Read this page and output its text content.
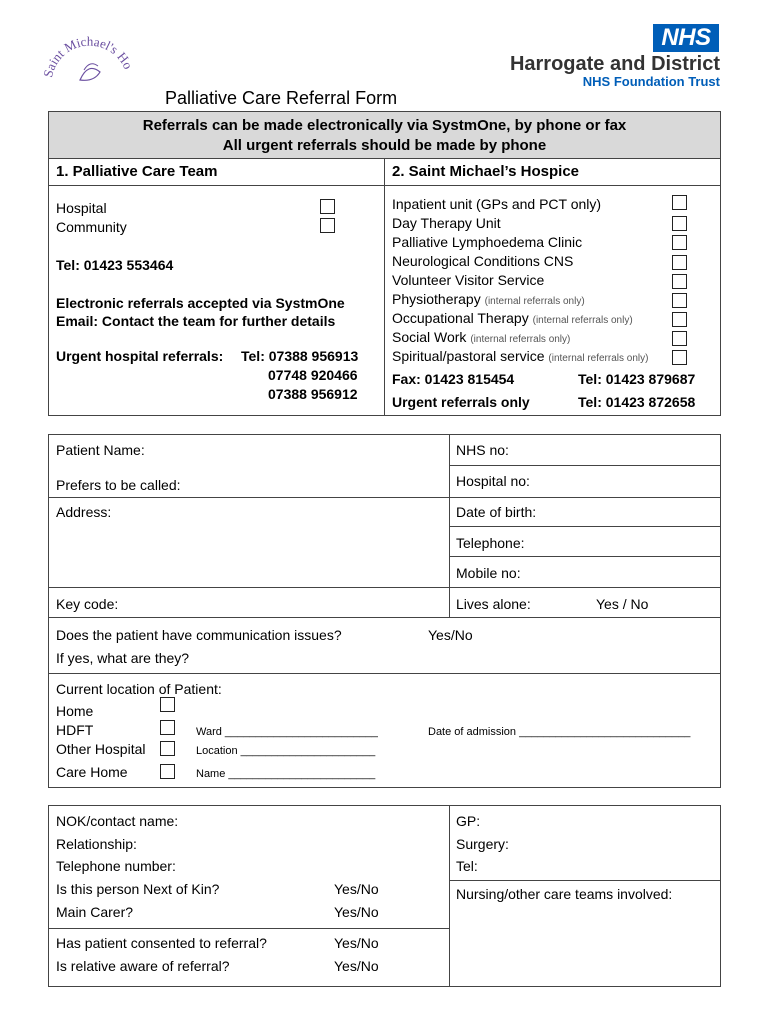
Saint Michael's Ho
NHS
Harrogate and District
NHS Foundation Trust
Palliative Care Referral Form
Referrals can be made electronically via SystmOne, by phone or fax
All urgent referrals should be made by phone
1. Palliative Care Team
Hospital
Community
Tel: 01423 553464
Electronic referrals accepted via SystmOne
Email: Contact the team for further details
Urgent hospital referrals: Tel: 07388 956913
07748 920466
07388 956912
2. Saint Michael’s Hospice
Inpatient unit (GPs and PCT only)
Day Therapy Unit
Palliative Lymphoedema Clinic
Neurological Conditions CNS
Volunteer Visitor Service
Physiotherapy (internal referrals only)
Occupational Therapy (internal referrals only)
Social Work (internal referrals only)
Spiritual/pastoral service (internal referrals only)
Fax: 01423 815454	Tel: 01423 879687
Urgent referrals only	Tel: 01423 872658
Patient Name:
Prefers to be called:
Address:
Key code:
NHS no:
Hospital no:
Date of birth:
Telephone:
Mobile no:
Lives alone:	Yes / No
Does the patient have communication issues?	Yes/No
If yes, what are they?
Current location of Patient:
Home
HDFT	Ward _________________________	Date of admission ____________________________
Other Hospital	Location ______________________
Care Home	Name ________________________
NOK/contact name:
Relationship:
Telephone number:
Is this person Next of Kin?	Yes/No
Main Carer?	Yes/No
Has patient consented to referral?	Yes/No
Is relative aware of referral?	Yes/No
GP:
Surgery:
Tel:
Nursing/other care teams involved:
